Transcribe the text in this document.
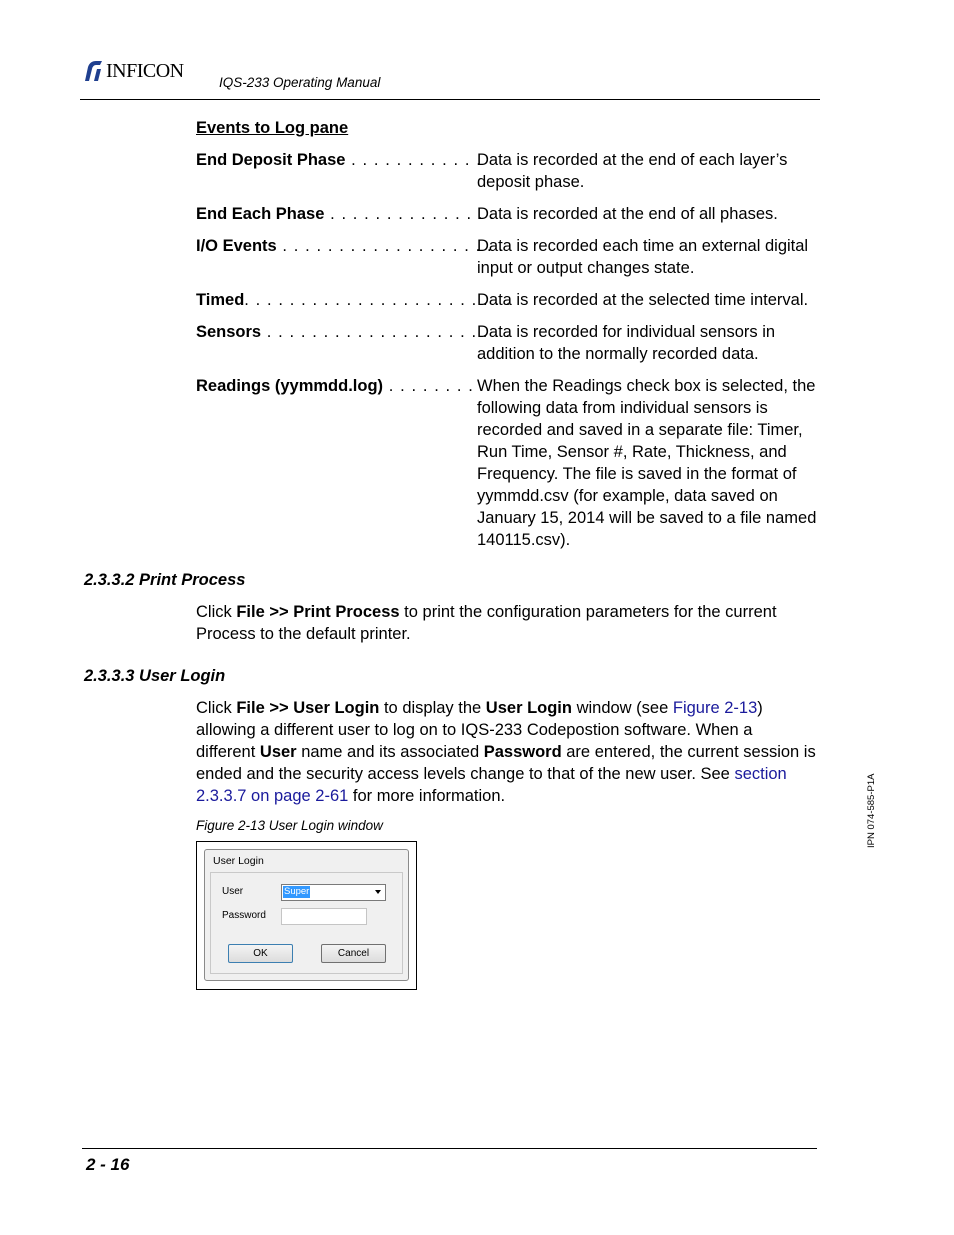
INFICON
IQS-233 Operating Manual
Events to Log pane
End Deposit Phase . . . . . . . . . . . .
Data is recorded at the end of each layer’s deposit phase.
End Each Phase . . . . . . . . . . . . . . .
Data is recorded at the end of all phases.
I/O Events . . . . . . . . . . . . . . . . . . . .
Data is recorded each time an external digital input or output changes state.
Timed. . . . . . . . . . . . . . . . . . . . . . . .
Data is recorded at the selected time interval.
Sensors . . . . . . . . . . . . . . . . . . . . . .
Data is recorded for individual sensors in addition to the normally recorded data.
Readings (yymmdd.log) . . . . . . . . When the Readings check box is selected, the following data from individual sensors is recorded and saved in a separate file: Timer, Run Time, Sensor #, Rate, Thickness, and Frequency. The file is saved in the format of yymmdd.csv (for example, data saved on January 15, 2014 will be saved to a file named 140115.csv).
2.3.3.2 Print Process
Click File >> Print Process to print the configuration parameters for the current Process to the default printer.
2.3.3.3 User Login
Click File >> User Login to display the User Login window (see Figure 2-13) allowing a different user to log on to IQS-233 Codepostion software. When a different User name and its associated Password are entered, the current session is ended and the security access levels change to that of the new user. See section 2.3.3.7 on page 2-61 for more information.
Figure 2-13 User Login window
User Login
User	Super
Password
OK	Cancel
IPN 074-585-P1A
2 - 16
